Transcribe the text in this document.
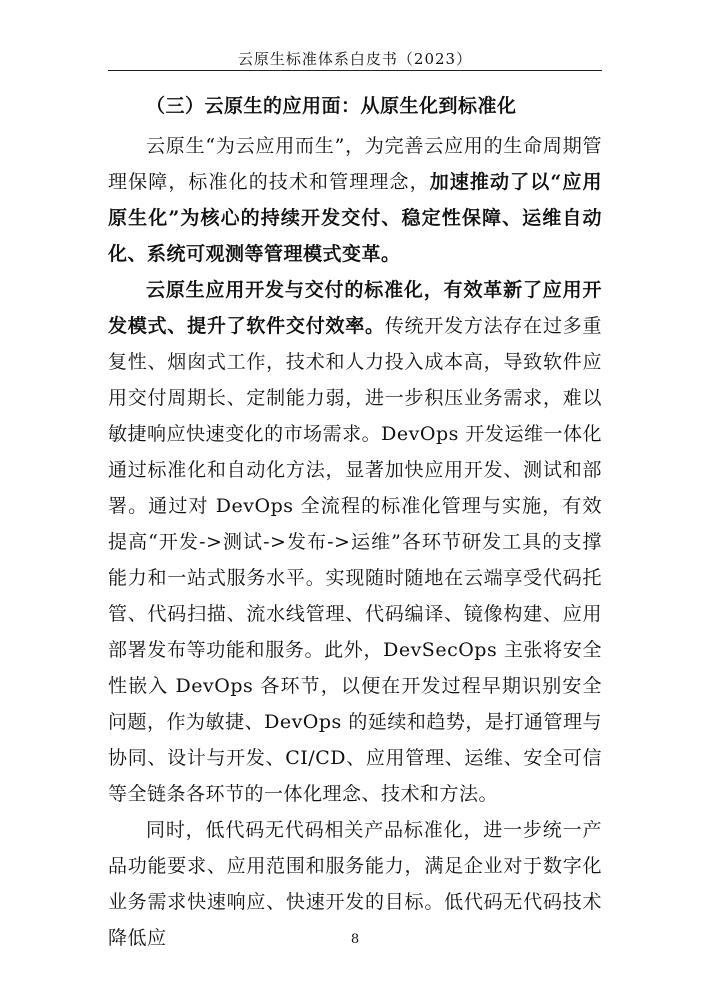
云原生标准体系白皮书（2023）

（三）云原生的应用面：从原生化到标准化

云原生“为云应用而生”，为完善云应用的生命周期管理保障，标准化的技术和管理理念，加速推动了以“应用原生化”为核心的持续开发交付、稳定性保障、运维自动化、系统可观测等管理模式变革。

云原生应用开发与交付的标准化，有效革新了应用开发模式、提升了软件交付效率。传统开发方法存在过多重复性、烟囱式工作，技术和人力投入成本高，导致软件应用交付周期长、定制能力弱，进一步积压业务需求，难以敏捷响应快速变化的市场需求。DevOps 开发运维一体化通过标准化和自动化方法，显著加快应用开发、测试和部署。通过对 DevOps 全流程的标准化管理与实施，有效提高“开发->测试->发布->运维”各环节研发工具的支撑能力和一站式服务水平。实现随时随地在云端享受代码托管、代码扫描、流水线管理、代码编译、镜像构建、应用部署发布等功能和服务。此外，DevSecOps 主张将安全性嵌入 DevOps 各环节，以便在开发过程早期识别安全问题，作为敏捷、DevOps 的延续和趋势，是打通管理与协同、设计与开发、CI/CD、应用管理、运维、安全可信等全链条各环节的一体化理念、技术和方法。

同时，低代码无代码相关产品标准化，进一步统一产品功能要求、应用范围和服务能力，满足企业对于数字化业务需求快速响应、快速开发的目标。低代码无代码技术降低应	8
